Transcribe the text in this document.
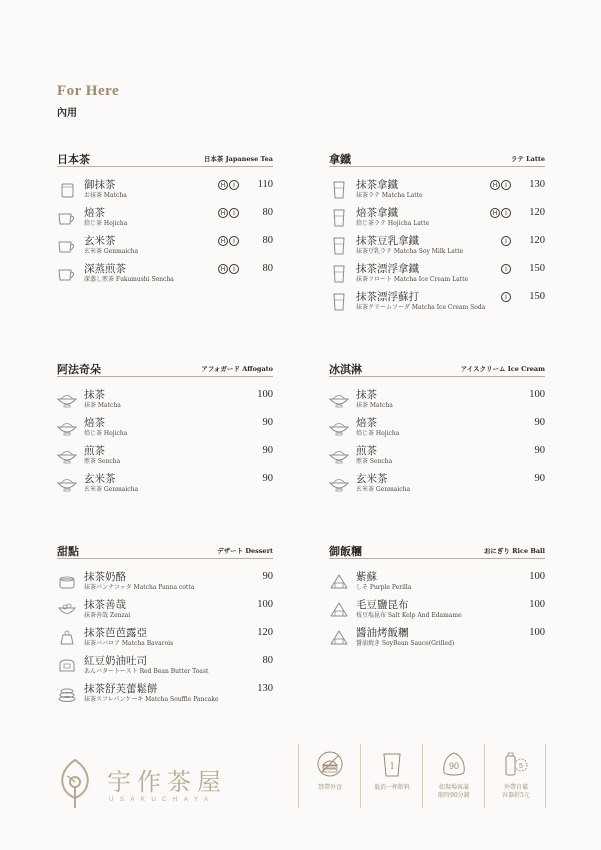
For Here
內用
日本茶	日本茶 Japanese Tea
御抹茶
お抹茶 Matcha
H I	110
焙茶
焙じ茶 Hojicha
H I	80
玄米茶
玄米茶 Genmaicha
H I	80
深蒸煎茶
深蒸し煎茶 Fukamushi Sencha
H I	80
拿鐵	ラテ Latte
抹茶拿鐵
抹茶ラテ Matcha Latte
H I	130
焙茶拿鐵
焙じ茶ラテ Hojicha Latte
H I	120
抹茶豆乳拿鐵
抹茶豆乳ラテ Matcha Soy Milk Latte
I	120
抹茶漂浮拿鐵
抹茶フロート Matcha Ice Cream Latte
I	150
抹茶漂浮蘇打
抹茶クリームソーダ Matcha Ice Cream Soda
I	150
阿法奇朵	アフォガード Affogato
抹茶
抹茶 Matcha
100
焙茶
焙じ茶 Hojicha
90
煎茶
煎茶 Sencha
90
玄米茶
玄米茶 Genmaicha
90
冰淇淋	アイスクリーム Ice Cream
抹茶
抹茶 Matcha
100
焙茶
焙じ茶 Hojicha
90
煎茶
煎茶 Sencha
90
玄米茶
玄米茶 Genmaicha
90
甜點	デザート Dessert
抹茶奶酪
抹茶パンナコッタ Matcha Panna cotta
90
抹茶善哉
抹茶善哉 Zenzai
100
抹茶芭芭露亞
抹茶ババロア Matcha Bavarois
120
紅豆奶油吐司
あんバタートースト Red Bean Butter Toast
80
抹茶舒芙蕾鬆餅
抹茶スフレパンケーキ Matcha Souffle Pancake
130
御飯糰	おにぎり Rice Ball
紫蘇
しそ Purple Perilla
100
毛豆鹽昆布
枝豆塩昆布 Salt Kelp And Edamame
100
醬油烤飯糰
醤油焼き SoyBean Sauce(Grilled)
100
宇作茶屋
USAKUCHAYA
禁帶外食
1
低消一杯飲料
90
如現場客滿
限時90分鐘
5
外帶自備
容器折5元
